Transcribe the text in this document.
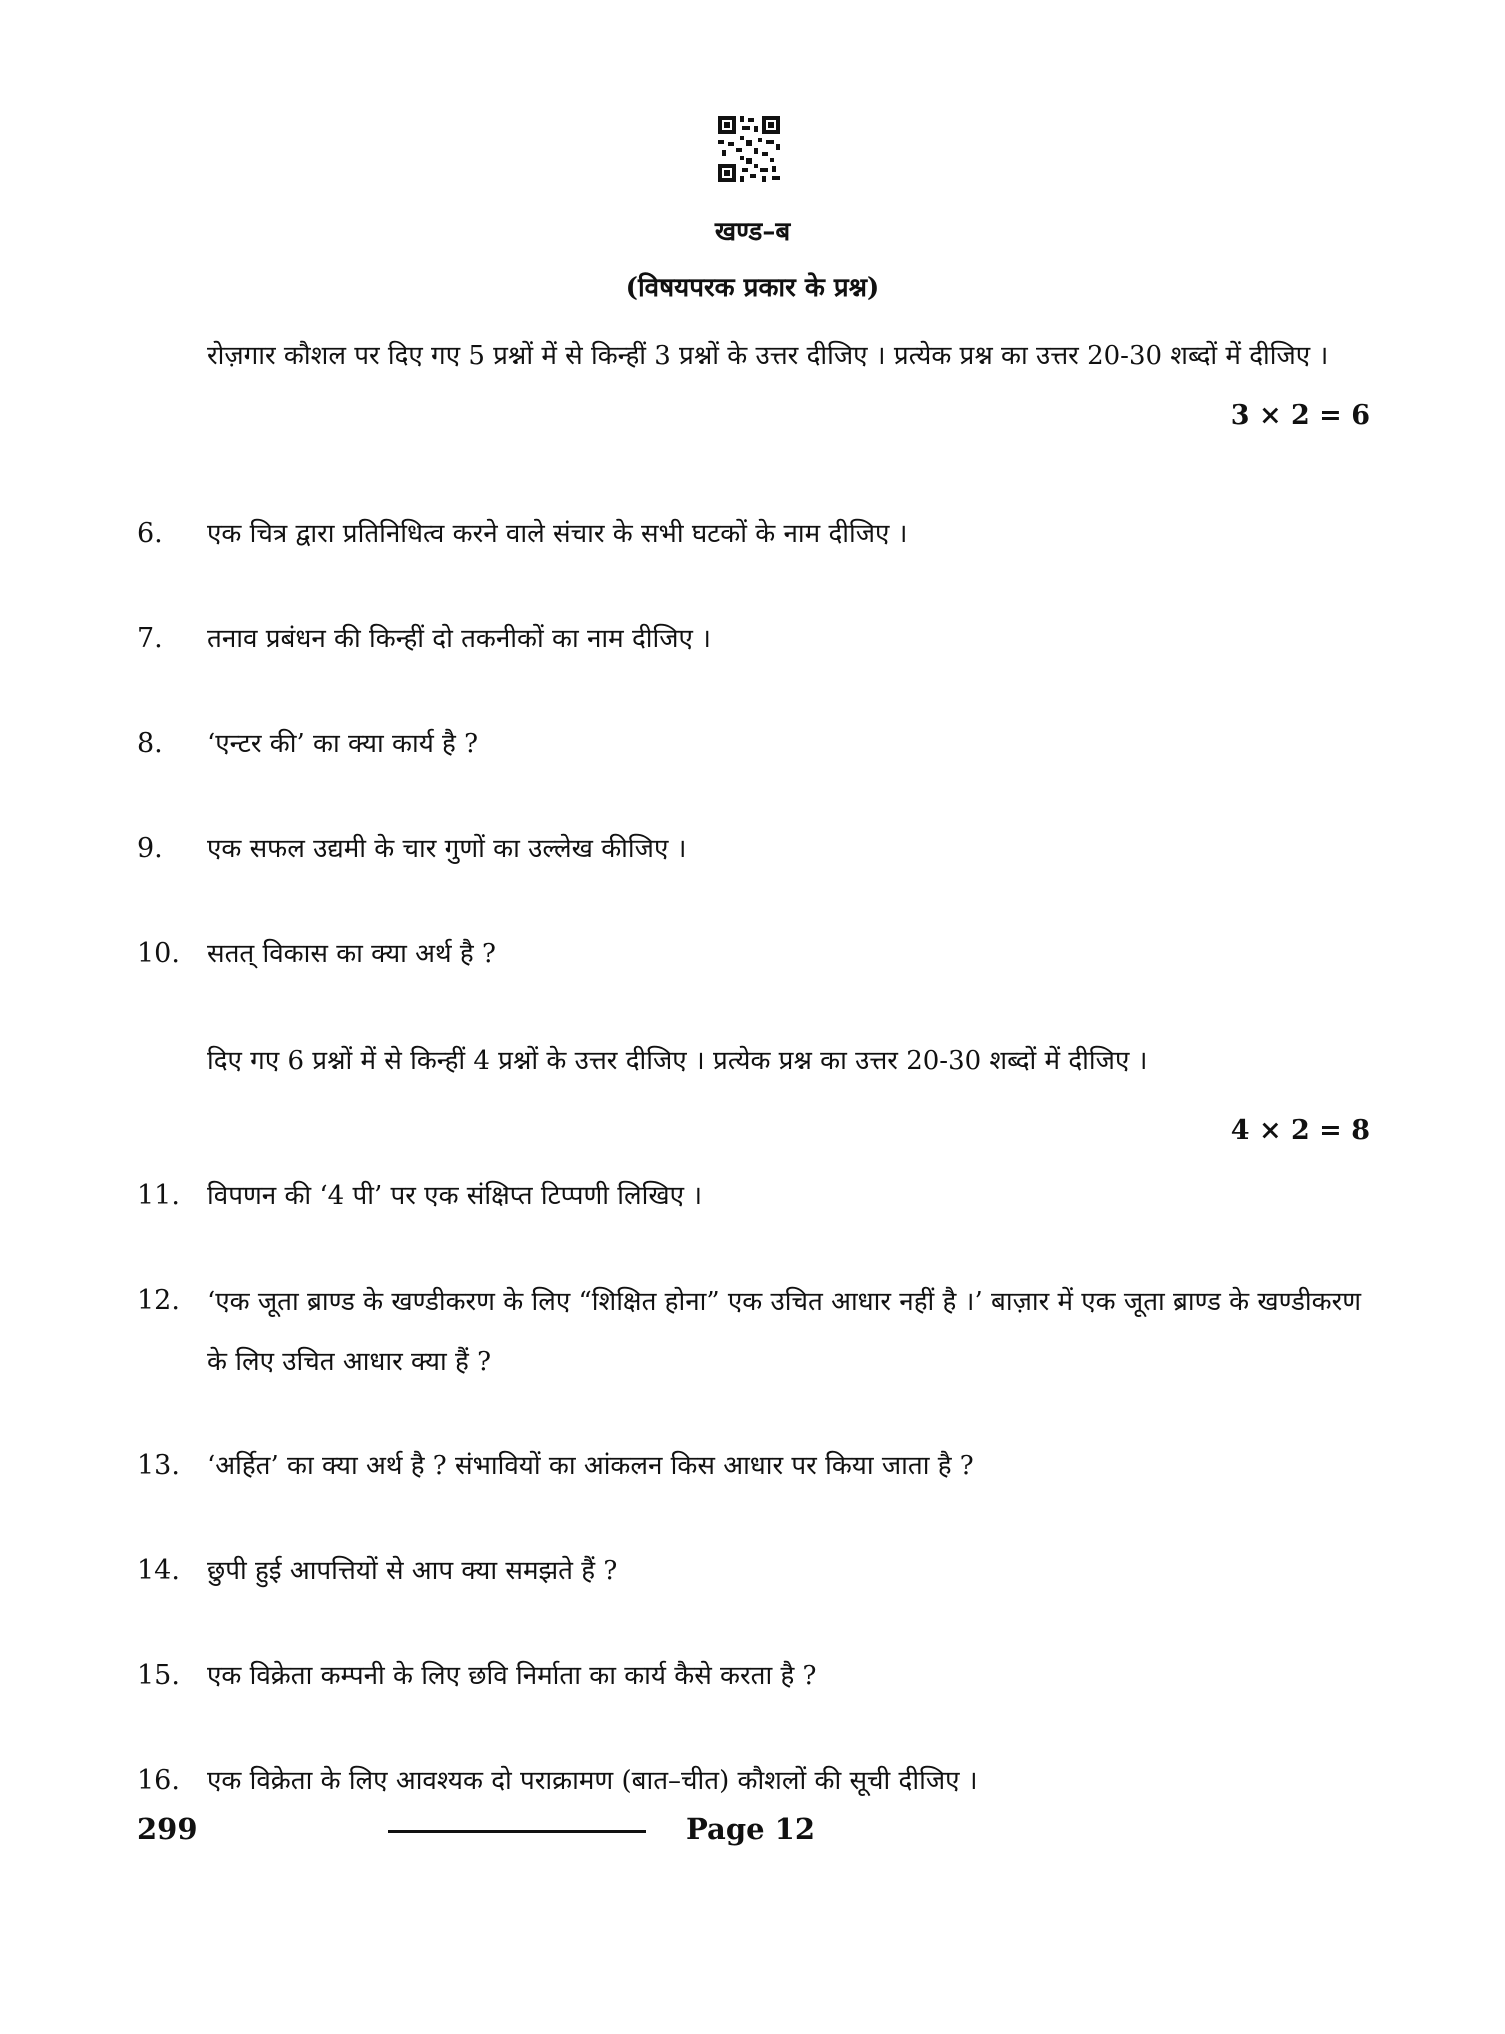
खण्ड–ब
(विषयपरक प्रकार के प्रश्न)
रोज़गार कौशल पर दिए गए 5 प्रश्नों में से किन्हीं 3 प्रश्नों के उत्तर दीजिए । प्रत्येक प्रश्न का उत्तर 20-30 शब्दों में दीजिए ।
3 × 2 = 6
6.	एक चित्र द्वारा प्रतिनिधित्व करने वाले संचार के सभी घटकों के नाम दीजिए ।
7.	तनाव प्रबंधन की किन्हीं दो तकनीकों का नाम दीजिए ।
8.	‘एन्टर की’ का क्या कार्य है ?
9.	एक सफल उद्यमी के चार गुणों का उल्लेख कीजिए ।
10.	सतत् विकास का क्या अर्थ है ?
दिए गए 6 प्रश्नों में से किन्हीं 4 प्रश्नों के उत्तर दीजिए । प्रत्येक प्रश्न का उत्तर 20-30 शब्दों में दीजिए ।
4 × 2 = 8
11.	विपणन की ‘4 पी’ पर एक संक्षिप्त टिप्पणी लिखिए ।
12.	‘एक जूता ब्राण्ड के खण्डीकरण के लिए “शिक्षित होना” एक उचित आधार नहीं है ।’ बाज़ार में एक जूता ब्राण्ड के खण्डीकरण के लिए उचित आधार क्या हैं ?
13.	‘अर्हित’ का क्या अर्थ है ? संभावियों का आंकलन किस आधार पर किया जाता है ?
14.	छुपी हुई आपत्तियों से आप क्या समझते हैं ?
15.	एक विक्रेता कम्पनी के लिए छवि निर्माता का कार्य कैसे करता है ?
16.	एक विक्रेता के लिए आवश्यक दो पराक्रामण (बात–चीत) कौशलों की सूची दीजिए ।
299	Page 12
